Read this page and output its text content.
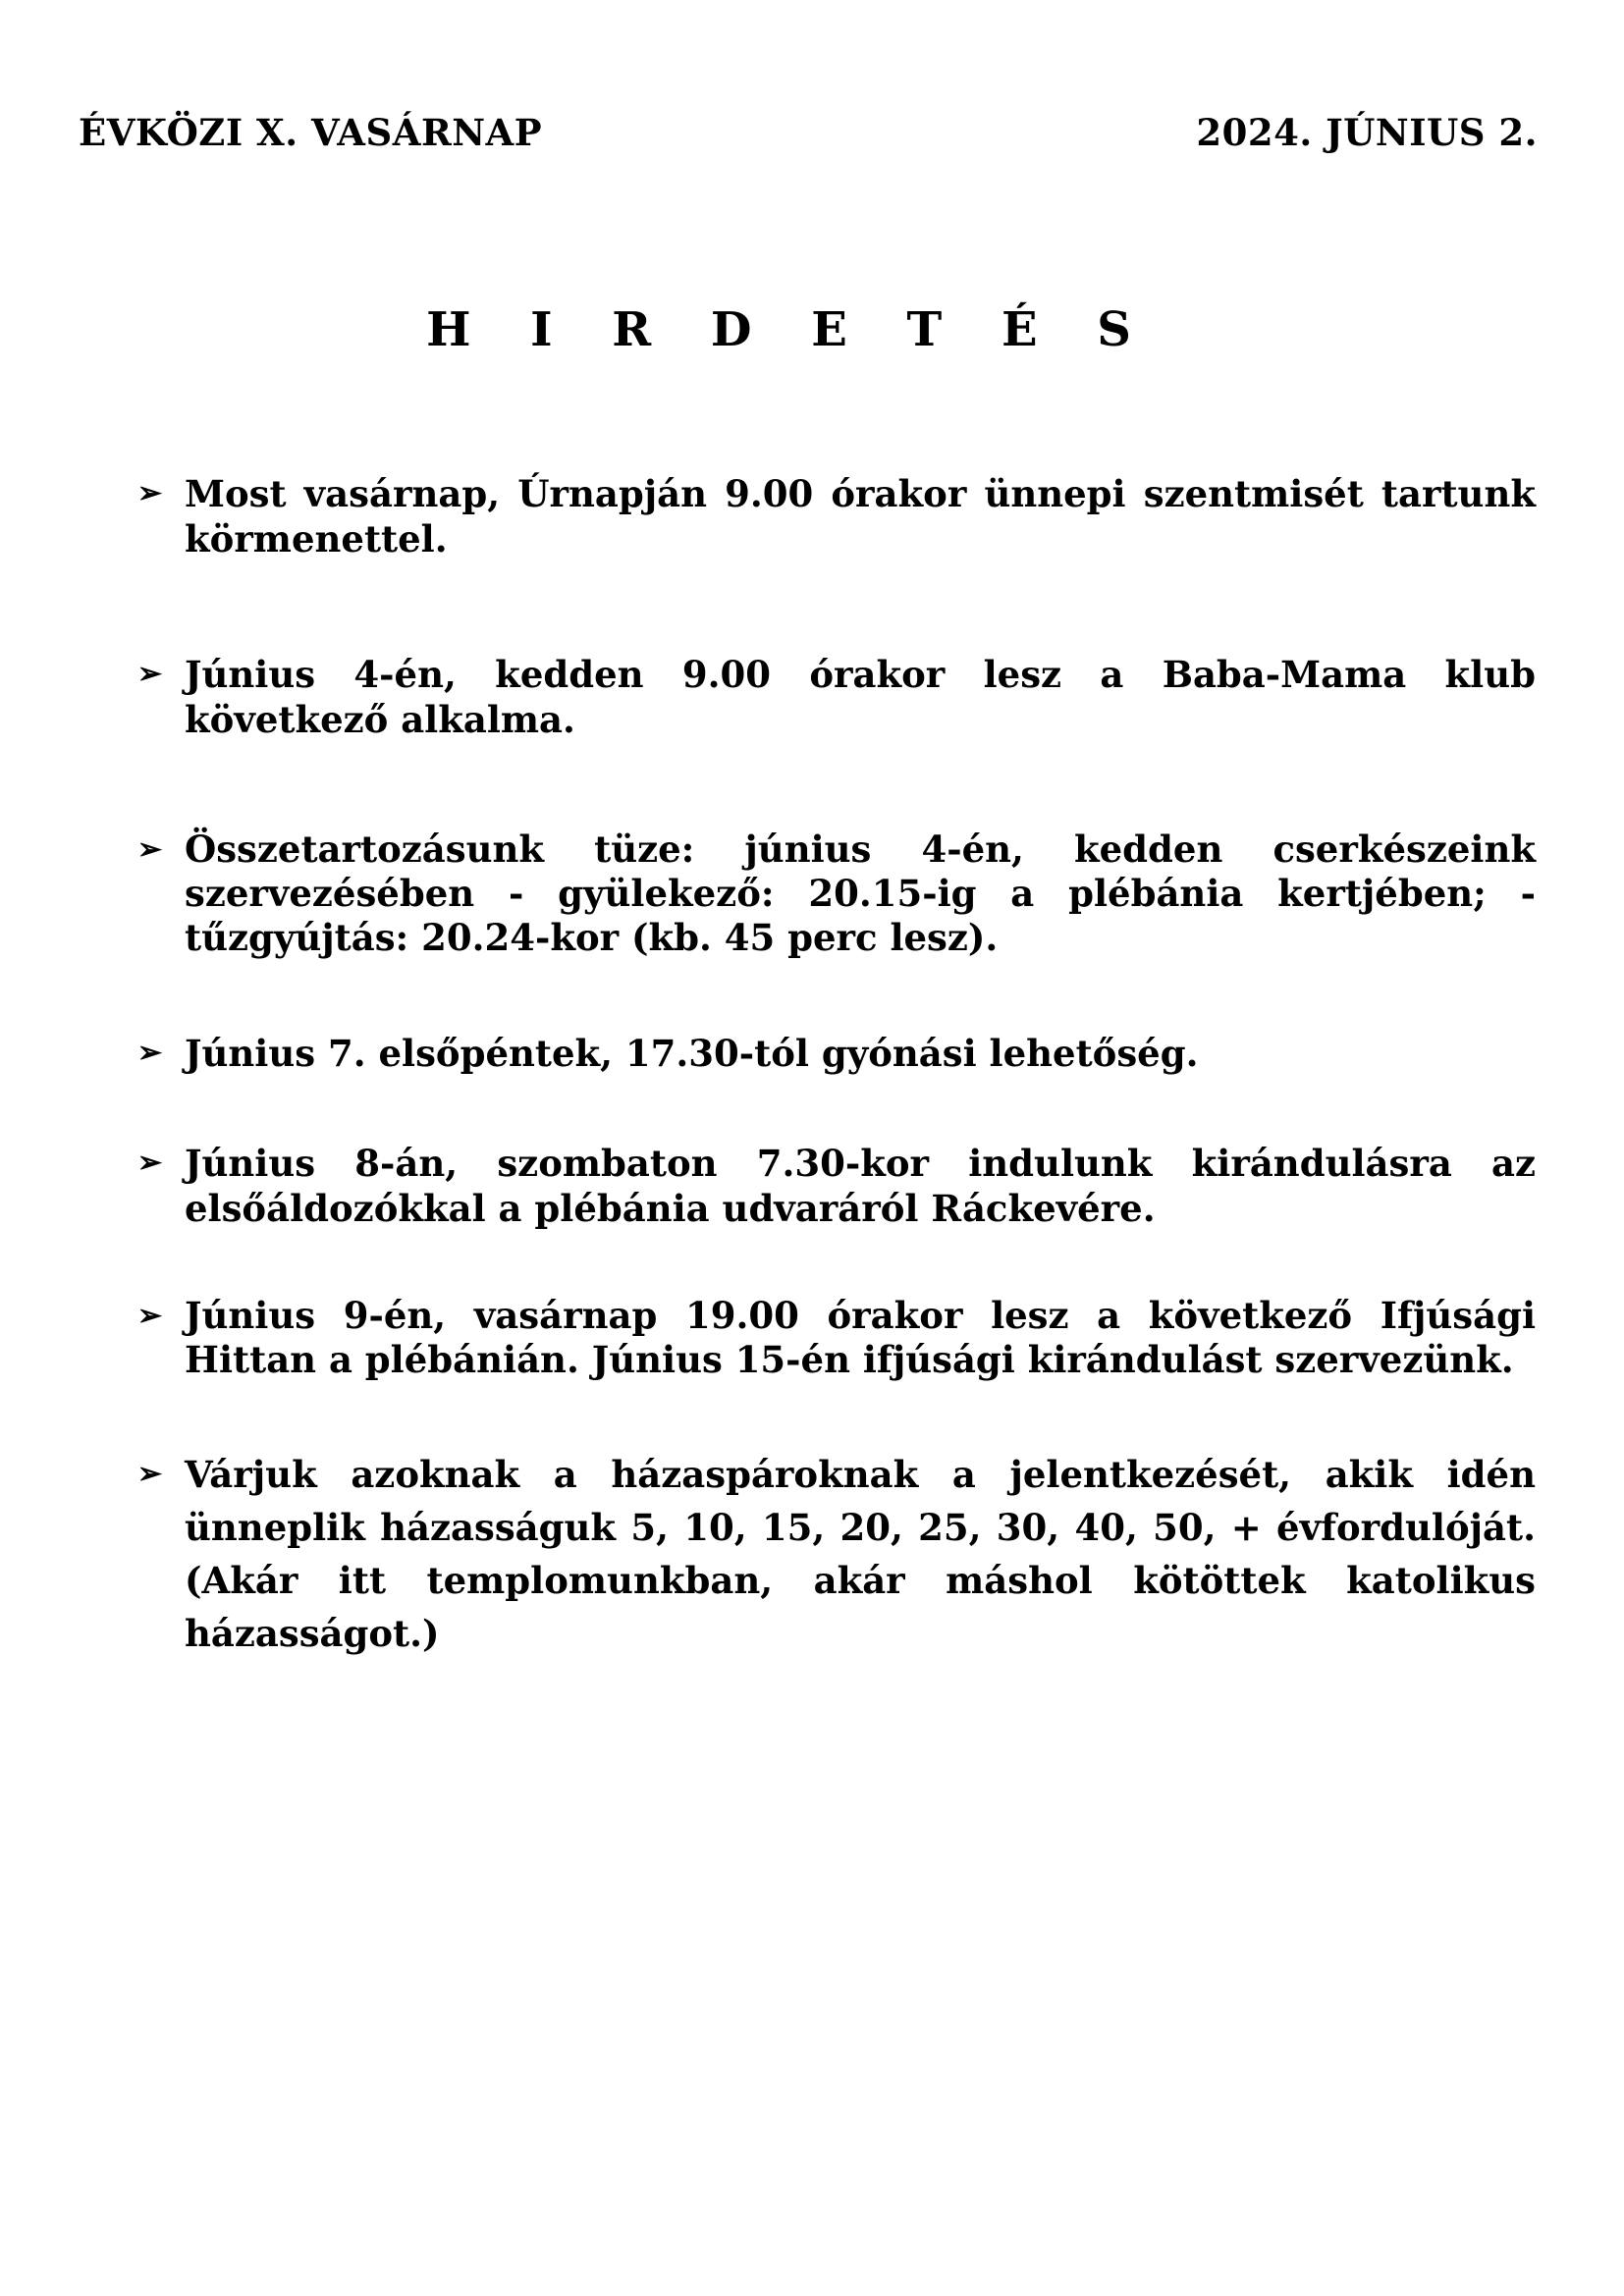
ÉVKÖZI X. VASÁRNAP	2024. JÚNIUS 2.
H I R D E T É S
➢ Most vasárnap, Úrnapján 9.00 órakor ünnepi szentmisét tartunk körmenettel.
➢ Június 4-én, kedden 9.00 órakor lesz a Baba-Mama klub következő alkalma.
➢ Összetartozásunk tüze: június 4-én, kedden cserkészeink szervezésében - gyülekező: 20.15-ig a plébánia kertjében; - tűzgyújtás: 20.24-kor (kb. 45 perc lesz).
➢ Június 7. elsőpéntek, 17.30-tól gyónási lehetőség.
➢ Június 8-án, szombaton 7.30-kor indulunk kirándulásra az elsőáldozókkal a plébánia udvaráról Ráckevére.
➢ Június 9-én, vasárnap 19.00 órakor lesz a következő Ifjúsági Hittan a plébánián. Június 15-én ifjúsági kirándulást szervezünk.
➢ Várjuk azoknak a házaspároknak a jelentkezését, akik idén ünneplik házasságuk 5, 10, 15, 20, 25, 30, 40, 50, + évfordulóját. (Akár itt templomunkban, akár máshol kötöttek katolikus házasságot.)
